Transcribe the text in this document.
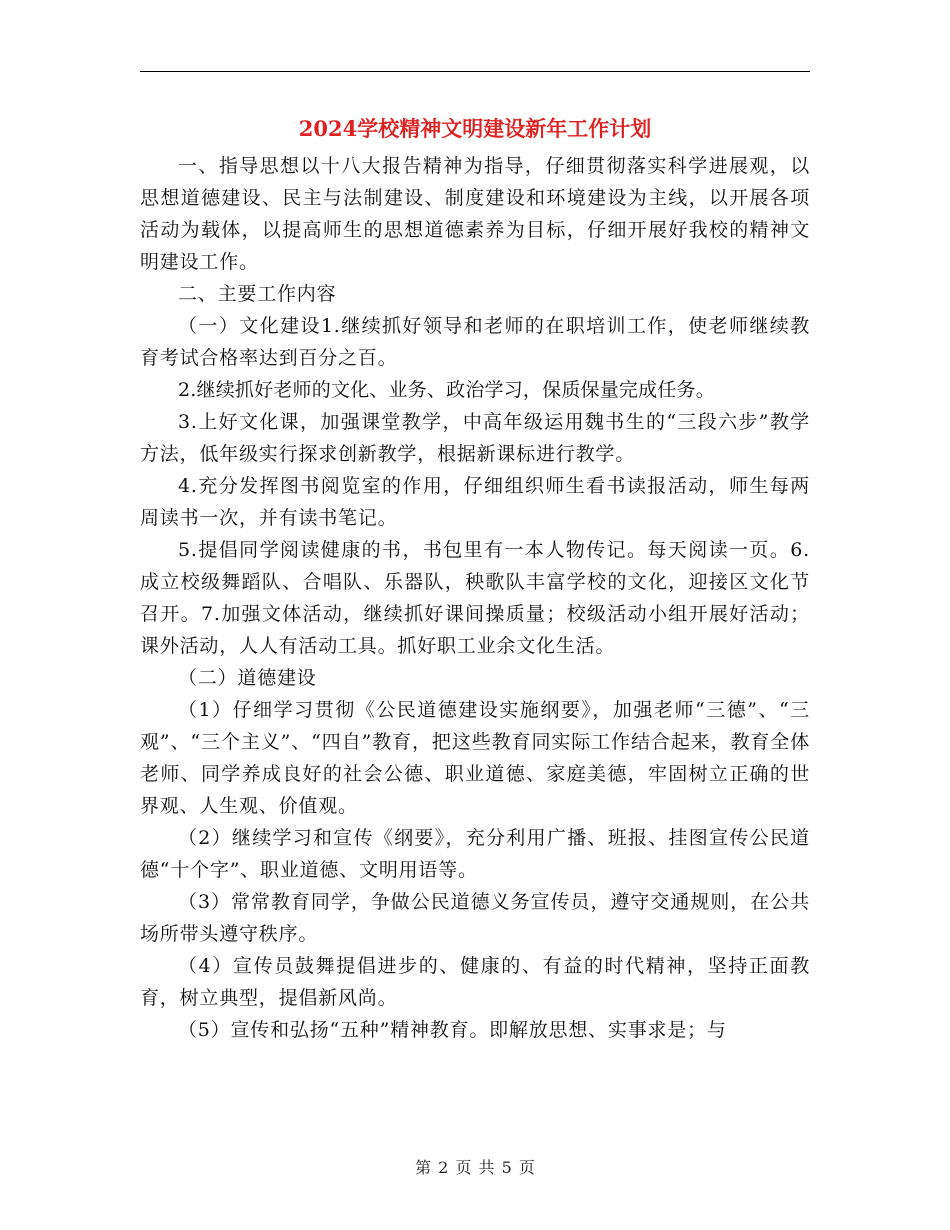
2024学校精神文明建设新年工作计划

一、指导思想以十八大报告精神为指导，仔细贯彻落实科学进展观，以思想道德建设、民主与法制建设、制度建设和环境建设为主线，以开展各项活动为载体，以提高师生的思想道德素养为目标，仔细开展好我校的精神文明建设工作。

二、主要工作内容

（一）文化建设1.继续抓好领导和老师的在职培训工作，使老师继续教育考试合格率达到百分之百。

2.继续抓好老师的文化、业务、政治学习，保质保量完成任务。

3.上好文化课，加强课堂教学，中高年级运用魏书生的“三段六步”教学方法，低年级实行探求创新教学，根据新课标进行教学。

4.充分发挥图书阅览室的作用，仔细组织师生看书读报活动，师生每两周读书一次，并有读书笔记。

5.提倡同学阅读健康的书，书包里有一本人物传记。每天阅读一页。6.成立校级舞蹈队、合唱队、乐器队，秧歌队丰富学校的文化，迎接区文化节召开。7.加强文体活动，继续抓好课间操质量；校级活动小组开展好活动；课外活动，人人有活动工具。抓好职工业余文化生活。

（二）道德建设

（1）仔细学习贯彻《公民道德建设实施纲要》，加强老师“三德”、“三观”、“三个主义”、“四自”教育，把这些教育同实际工作结合起来，教育全体老师、同学养成良好的社会公德、职业道德、家庭美德，牢固树立正确的世界观、人生观、价值观。

（2）继续学习和宣传《纲要》，充分利用广播、班报、挂图宣传公民道德“十个字”、职业道德、文明用语等。

（3）常常教育同学，争做公民道德义务宣传员，遵守交通规则，在公共场所带头遵守秩序。

（4）宣传员鼓舞提倡进步的、健康的、有益的时代精神，坚持正面教育，树立典型，提倡新风尚。

（5）宣传和弘扬“五种”精神教育。即解放思想、实事求是；与

第 2 页 共 5 页
